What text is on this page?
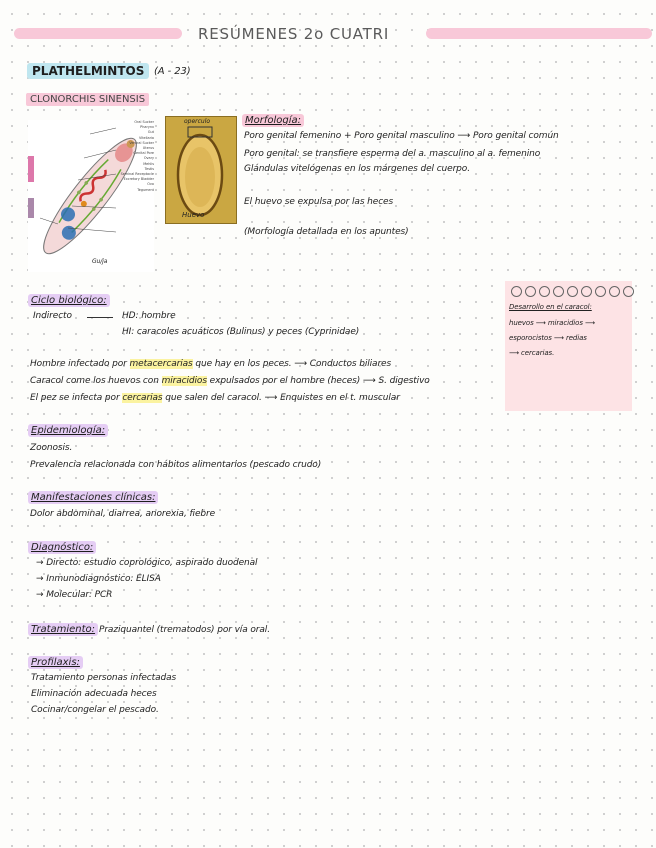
RESÚMENES 2o CUATRI
PLATHELMINTOS (A - 23)
CLONORCHIS SINENSIS
Oral Sucker
Pharynx
Gut
Vitellaria
Ventral Sucker
Uterus
Genital Pore
Ovary
Mehlis
Testis
Seminal Receptacle
Excretory Bladder
Ovo
Tegument
Gu/ja
operculo
Huevo
Morfología:
Poro genital femenino + Poro genital masculino ⟶ Poro genital común
Poro genital: se transfiere esperma del a. masculino al a. femenino
Glándulas vitelógenas en los márgenes del cuerpo.
El huevo se expulsa por las heces
(Morfología detallada en los apuntes)
Ciclo biológico:
Indirecto	HD: hombre
HI: caracoles acuáticos (Bulinus) y peces (Cyprinidae)
Hombre infectado por metacercarias que hay en los peces. ⟶ Conductos biliares
Caracol come los huevos con miracidios expulsados por el hombre (heces) ⟶ S. digestivo
El pez se infecta por cercarias que salen del caracol. ⟶ Enquistes en el t. muscular
Desarrollo en el caracol:
huevos ⟶ miracidios ⟶
esporocistos ⟶ redias
⟶ cercarias.
Epidemiología:
Zoonosis.
Prevalencia relacionada con hábitos alimentarios (pescado crudo)
Manifestaciones clínicas:
Dolor abdominal, diarrea, anorexia, fiebre
Diagnóstico:
→ Directo: estudio coprológico, aspirado duodenal
→ Inmunodiagnóstico: ELISA
→ Molecular: PCR
Tratamiento: Praziquantel (trematodos) por vía oral.
Profilaxis:
Tratamiento personas infectadas
Eliminación adecuada heces
Cocinar/congelar el pescado.
